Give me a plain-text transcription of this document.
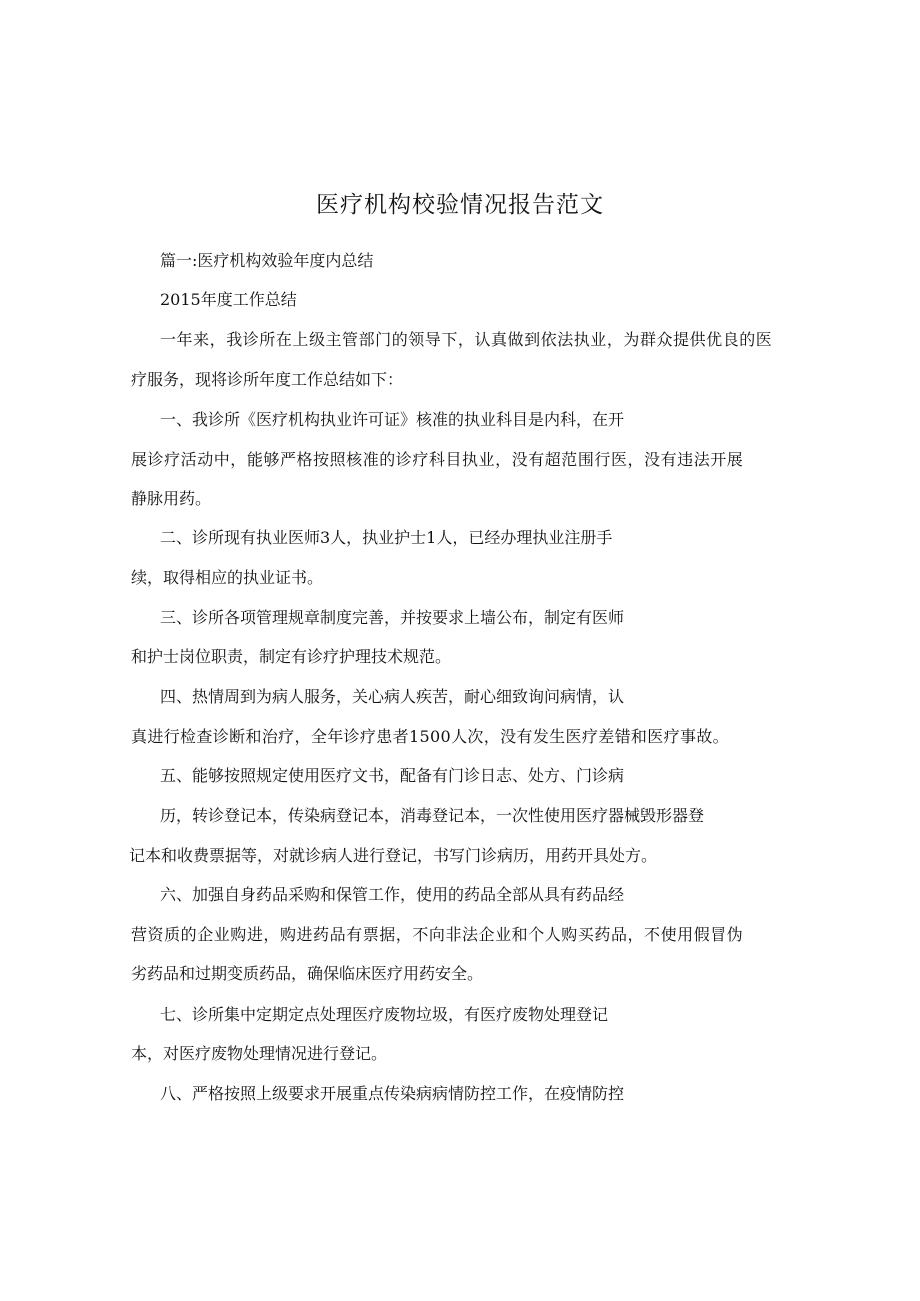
医疗机构校验情况报告范文
篇一:医疗机构效验年度内总结
2015年度工作总结
一年来，我诊所在上级主管部门的领导下，认真做到依法执业，为群众提供优良的医
疗服务，现将诊所年度工作总结如下：
一、我诊所《医疗机构执业许可证》核准的执业科目是内科，在开
展诊疗活动中，能够严格按照核准的诊疗科目执业，没有超范围行医，没有违法开展
静脉用药。
二、诊所现有执业医师3人，执业护士1人，已经办理执业注册手
续，取得相应的执业证书。
三、诊所各项管理规章制度完善，并按要求上墙公布，制定有医师
和护士岗位职责，制定有诊疗护理技术规范。
四、热情周到为病人服务，关心病人疾苦，耐心细致询问病情，认
真进行检查诊断和治疗，全年诊疗患者1500人次，没有发生医疗差错和医疗事故。
五、能够按照规定使用医疗文书，配备有门诊日志、处方、门诊病
历，转诊登记本，传染病登记本，消毒登记本，一次性使用医疗器械毁形器登
记本和收费票据等，对就诊病人进行登记，书写门诊病历，用药开具处方。
六、加强自身药品采购和保管工作，使用的药品全部从具有药品经
营资质的企业购进，购进药品有票据，不向非法企业和个人购买药品，不使用假冒伪
劣药品和过期变质药品，确保临床医疗用药安全。
七、诊所集中定期定点处理医疗废物垃圾，有医疗废物处理登记
本，对医疗废物处理情况进行登记。
八、严格按照上级要求开展重点传染病病情防控工作，在疫情防控
